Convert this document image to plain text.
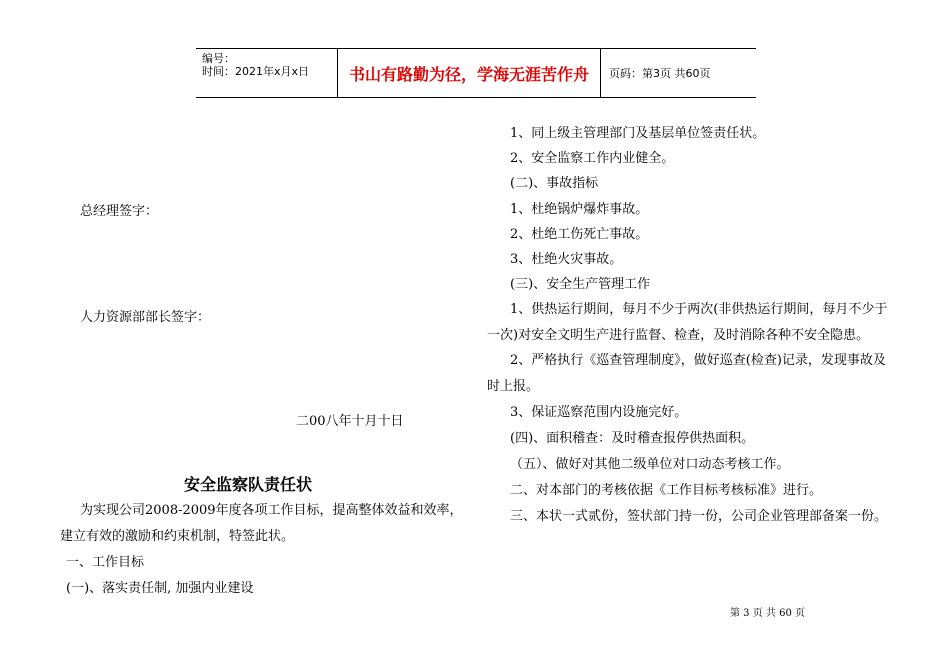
编号：
时间：2021年x月x日	书山有路勤为径，学海无涯苦作舟	页码：第3页 共60页
总经理签字：
人力资源部部长签字：
二00八年十月十日
安全监察队责任状
为实现公司2008-2009年度各项工作目标，提高整体效益和效率，
建立有效的激励和约束机制，特签此状。
一、工作目标
(一)、落实责任制, 加强内业建设
1、同上级主管理部门及基层单位签责任状。
2、安全监察工作内业健全。
(二)、事故指标
1、杜绝锅炉爆炸事故。
2、杜绝工伤死亡事故。
3、杜绝火灾事故。
(三)、安全生产管理工作
1、供热运行期间，每月不少于两次(非供热运行期间，每月不少于
一次)对安全文明生产进行监督、检查，及时消除各种不安全隐患。
2、严格执行《巡查管理制度》，做好巡查(检查)记录，发现事故及
时上报。
3、保证巡察范围内设施完好。
(四)、面积稽查：及时稽查报停供热面积。
（五）、做好对其他二级单位对口动态考核工作。
二、对本部门的考核依据《工作目标考核标准》进行。
三、本状一式贰份，签状部门持一份，公司企业管理部备案一份。
第 3 页 共 60 页
